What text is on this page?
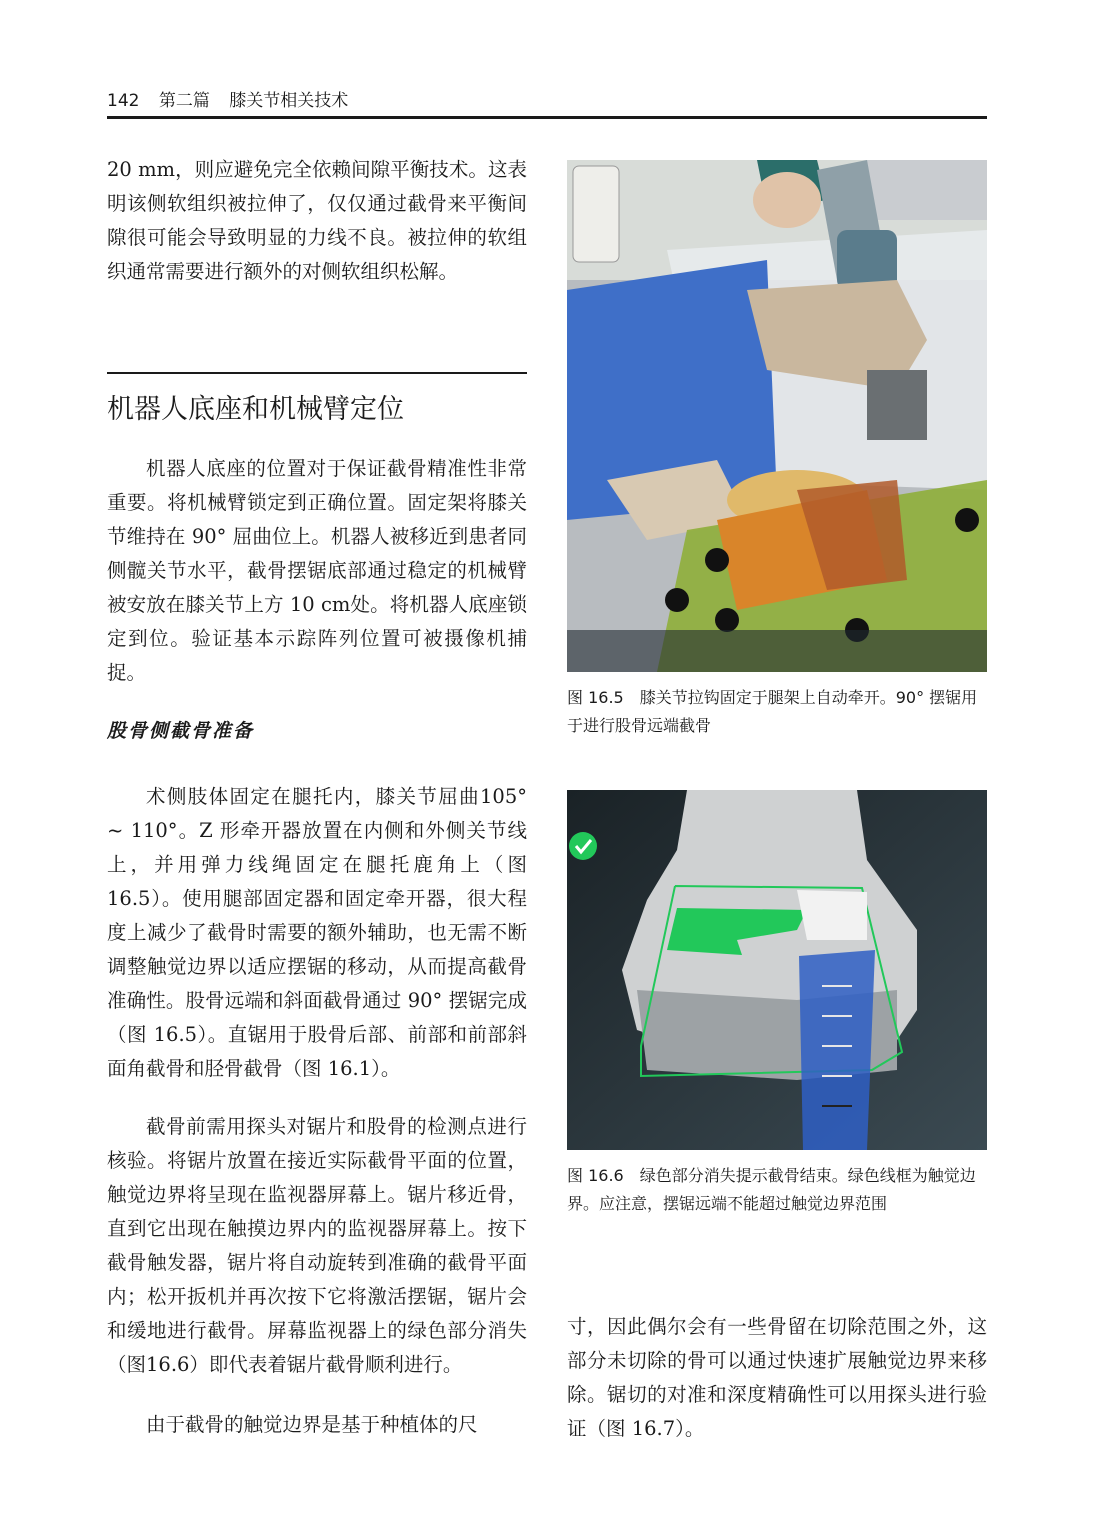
142 第二篇 膝关节相关技术

20 mm，则应避免完全依赖间隙平衡技术。这表明该侧软组织被拉伸了，仅仅通过截骨来平衡间隙很可能会导致明显的力线不良。被拉伸的软组织通常需要进行额外的对侧软组织松解。

机器人底座和机械臂定位

机器人底座的位置对于保证截骨精准性非常重要。将机械臂锁定到正确位置。固定架将膝关节维持在 90° 屈曲位上。机器人被移近到患者同侧髋关节水平，截骨摆锯底部通过稳定的机械臂被安放在膝关节上方 10 cm处。将机器人底座锁定到位。验证基本示踪阵列位置可被摄像机捕捉。

股骨侧截骨准备

术侧肢体固定在腿托内，膝关节屈曲105° ~ 110°。Z 形牵开器放置在内侧和外侧关节线上，并用弹力线绳固定在腿托鹿角上（图 16.5）。使用腿部固定器和固定牵开器，很大程度上减少了截骨时需要的额外辅助，也无需不断调整触觉边界以适应摆锯的移动，从而提高截骨准确性。股骨远端和斜面截骨通过 90° 摆锯完成（图 16.5）。直锯用于股骨后部、前部和前部斜面角截骨和胫骨截骨（图 16.1）。

截骨前需用探头对锯片和股骨的检测点进行核验。将锯片放置在接近实际截骨平面的位置，触觉边界将呈现在监视器屏幕上。锯片移近骨，直到它出现在触摸边界内的监视器屏幕上。按下截骨触发器，锯片将自动旋转到准确的截骨平面内；松开扳机并再次按下它将激活摆锯，锯片会和缓地进行截骨。屏幕监视器上的绿色部分消失（图16.6）即代表着锯片截骨顺利进行。

由于截骨的触觉边界是基于种植体的尺

图 16.5　膝关节拉钩固定于腿架上自动牵开。90° 摆锯用于进行股骨远端截骨

图 16.6　绿色部分消失提示截骨结束。绿色线框为触觉边界。应注意，摆锯远端不能超过触觉边界范围

寸，因此偶尔会有一些骨留在切除范围之外，这部分未切除的骨可以通过快速扩展触觉边界来移除。锯切的对准和深度精确性可以用探头进行验证（图 16.7）。
